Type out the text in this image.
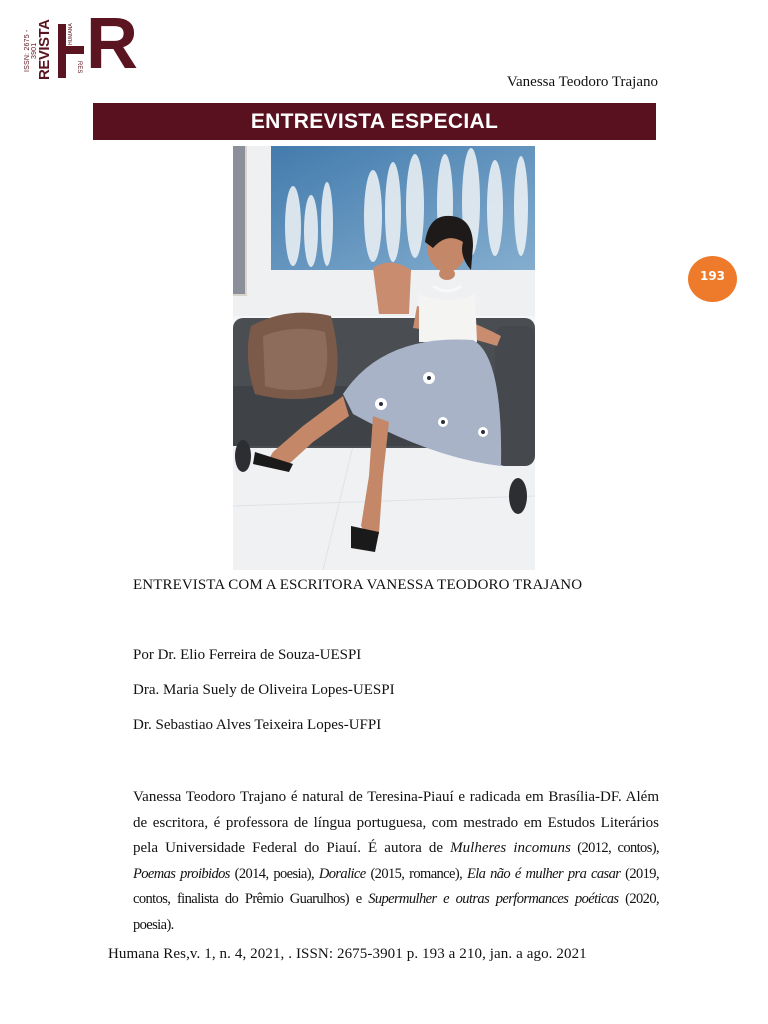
ISSN: 2675 - 3901
REVISTA	HUMANA
RES R	Vanessa Teodoro Trajano
ENTREVISTA ESPECIAL
193
ENTREVISTA COM A ESCRITORA VANESSA TEODORO TRAJANO
Por Dr. Elio Ferreira de Souza-UESPI
Dra. Maria Suely de Oliveira Lopes-UESPI
Dr. Sebastiao Alves Teixeira Lopes-UFPI
Vanessa Teodoro Trajano é natural de Teresina-Piauí e radicada em Brasília-DF. Além de escritora, é professora de língua portuguesa, com mestrado em Estudos Literários pela Universidade Federal do Piauí. É autora de Mulheres incomuns (2012, contos), Poemas proibidos (2014, poesia), Doralice (2015, romance), Ela não é mulher pra casar (2019, contos, finalista do Prêmio Guarulhos) e Supermulher e outras performances poéticas (2020, poesia).
Humana Res,v. 1, n. 4, 2021, . ISSN: 2675-3901 p. 193 a 210, jan. a ago. 2021
